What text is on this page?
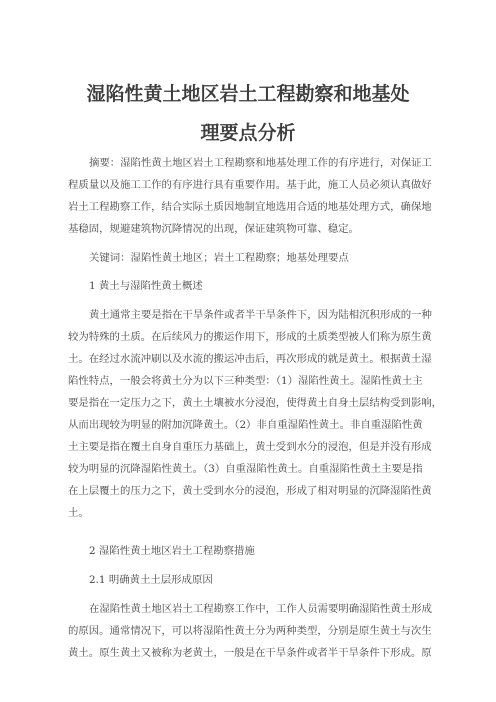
湿陷性黄土地区岩土工程勘察和地基处
理要点分析
摘要：湿陷性黄土地区岩土工程勘察和地基处理工作的有序进行，对保证工
程质量以及施工工作的有序进行具有重要作用。基于此，施工人员必须认真做好
岩土工程勘察工作，结合实际土质因地制宜地选用合适的地基处理方式，确保地
基稳固，规避建筑物沉降情况的出现，保证建筑物可靠、稳定。
关键词：湿陷性黄土地区；岩土工程勘察；地基处理要点
1 黄土与湿陷性黄土概述
黄土通常主要是指在干旱条件或者半干旱条件下，因为陆相沉积形成的一种
较为特殊的土质。在后续风力的搬运作用下，形成的土质类型被人们称为原生黄
土。在经过水流冲刷以及水流的搬运冲击后，再次形成的就是黄土。根据黄土湿
陷性特点，一般会将黄土分为以下三种类型：（1）湿陷性黄土。湿陷性黄土主
要是指在一定压力之下，黄土土壤被水分浸泡，使得黄土自身土层结构受到影响，
从而出现较为明显的附加沉降黄土。（2）非自重湿陷性黄土。非自重湿陷性黄
土主要是指在覆土自身自重压力基础上，黄土受到水分的浸泡，但是并没有形成
较为明显的沉降湿陷性黄土。（3）自重湿陷性黄土。自重湿陷性黄土主要是指
在上层覆土的压力之下，黄土受到水分的浸泡，形成了相对明显的沉降湿陷性黄
土。
2 湿陷性黄土地区岩土工程勘察措施
2.1 明确黄土土层形成原因
在湿陷性黄土地区岩土工程勘察工作中，工作人员需要明确湿陷性黄土形成
的原因。通常情况下，可以将湿陷性黄土分为两种类型，分别是原生黄土与次生
黄土。原生黄土又被称为老黄土，一般是在干旱条件或者半干旱条件下形成。原
